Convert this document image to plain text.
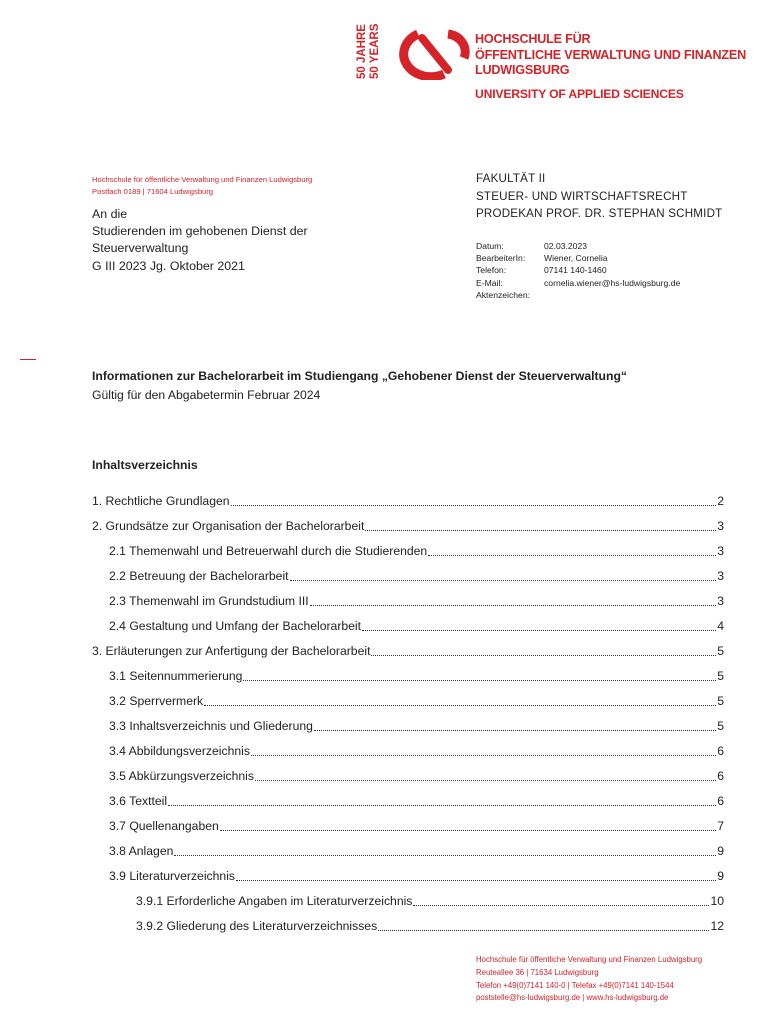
50 JAHRE 50 YEARS	HOCHSCHULE FÜR
ÖFFENTLICHE VERWALTUNG UND FINANZEN
LUDWIGSBURG
UNIVERSITY OF APPLIED SCIENCES
Hochschule für öffentliche Verwaltung und Finanzen Ludwigsburg
Postfach 0189 | 71604 Ludwigsburg
An die
Studierenden im gehobenen Dienst der
Steuerverwaltung
G III 2023 Jg. Oktober 2021
FAKULTÄT II
STEUER- UND WIRTSCHAFTSRECHT
PRODEKAN PROF. DR. STEPHAN SCHMIDT
Datum:	02.03.2023
BearbeiterIn:	Wiener, Cornelia
Telefon:	07141 140-1460
E-Mail:	cornelia.wiener@hs-ludwigsburg.de
Aktenzeichen:
Informationen zur Bachelorarbeit im Studiengang „Gehobener Dienst der Steuerverwaltung“
Gültig für den Abgabetermin Februar 2024
Inhaltsverzeichnis
1. Rechtliche Grundlagen	2
2. Grundsätze zur Organisation der Bachelorarbeit	3
2.1 Themenwahl und Betreuerwahl durch die Studierenden	3
2.2 Betreuung der Bachelorarbeit	3
2.3 Themenwahl im Grundstudium III	3
2.4 Gestaltung und Umfang der Bachelorarbeit	4
3. Erläuterungen zur Anfertigung der Bachelorarbeit	5
3.1 Seitennummerierung	5
3.2 Sperrvermerk	5
3.3 Inhaltsverzeichnis und Gliederung	5
3.4 Abbildungsverzeichnis	6
3.5 Abkürzungsverzeichnis	6
3.6 Textteil	6
3.7 Quellenangaben	7
3.8 Anlagen	9
3.9 Literaturverzeichnis	9
3.9.1 Erforderliche Angaben im Literaturverzeichnis	10
3.9.2 Gliederung des Literaturverzeichnisses	12
Hochschule für öffentliche Verwaltung und Finanzen Ludwigsburg
Reuteallee 36 | 71634 Ludwigsburg
Telefon +49(0)7141 140-0 | Telefax +49(0)7141 140-1544
poststelle@hs-ludwigsburg.de | www.hs-ludwigsburg.de
